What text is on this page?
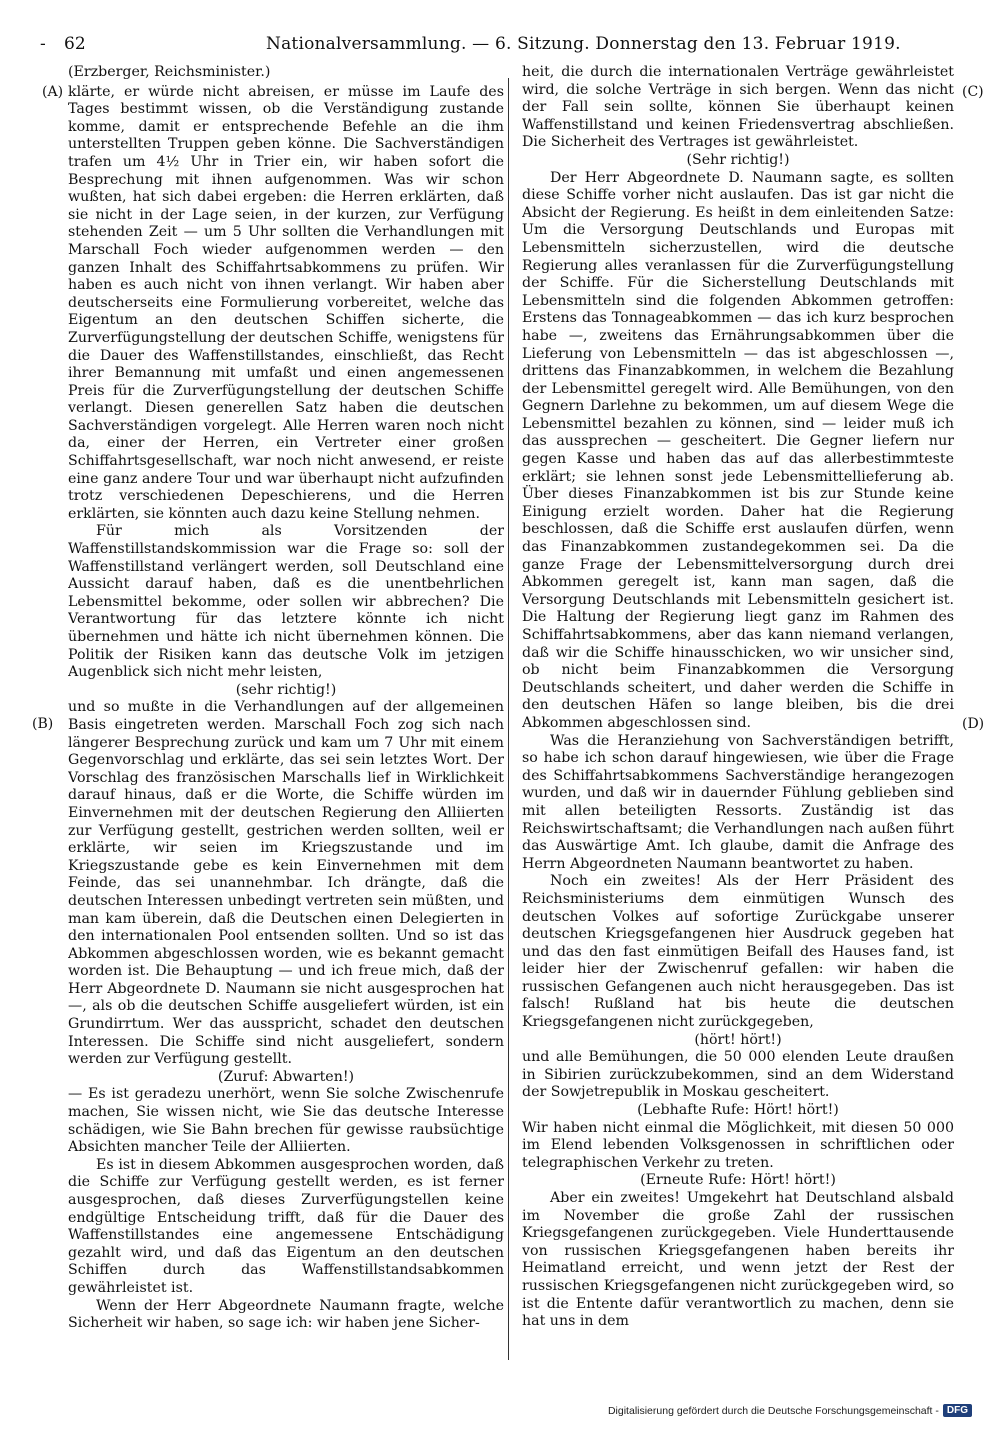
- 62	Nationalversammlung. — 6. Sitzung. Donnerstag den 13. Februar 1919.
(A)
(B)
(C)
(D)

(Erzberger, Reichsminister.)

klärte, er würde nicht abreisen, er müsse im Laufe des Tages bestimmt wissen, ob die Verständigung zustande komme, damit er entsprechende Befehle an die ihm unterstellten Truppen geben könne. Die Sachverständigen trafen um 4½ Uhr in Trier ein, wir haben sofort die Besprechung mit ihnen aufgenommen. Was wir schon wußten, hat sich dabei ergeben: die Herren erklärten, daß sie nicht in der Lage seien, in der kurzen, zur Verfügung stehenden Zeit — um 5 Uhr sollten die Verhandlungen mit Marschall Foch wieder aufgenommen werden — den ganzen Inhalt des Schiffahrtsabkommens zu prüfen. Wir haben es auch nicht von ihnen verlangt. Wir haben aber deutscherseits eine Formulierung vorbereitet, welche das Eigentum an den deutschen Schiffen sicherte, die Zurverfügungstellung der deutschen Schiffe, wenigstens für die Dauer des Waffenstillstandes, einschließt, das Recht ihrer Bemannung mit umfaßt und einen angemessenen Preis für die Zurverfügungstellung der deutschen Schiffe verlangt. Diesen generellen Satz haben die deutschen Sachverständigen vorgelegt. Alle Herren waren noch nicht da, einer der Herren, ein Vertreter einer großen Schiffahrtsgesellschaft, war noch nicht anwesend, er reiste eine ganz andere Tour und war überhaupt nicht aufzufinden trotz verschiedenen Depeschierens, und die Herren erklärten, sie könnten auch dazu keine Stellung nehmen.

Für mich als Vorsitzenden der Waffenstillstandskommission war die Frage so: soll der Waffenstillstand verlängert werden, soll Deutschland eine Aussicht darauf haben, daß es die unentbehrlichen Lebensmittel bekomme, oder sollen wir abbrechen? Die Verantwortung für das letztere könnte ich nicht übernehmen und hätte ich nicht übernehmen können. Die Politik der Risiken kann das deutsche Volk im jetzigen Augenblick sich nicht mehr leisten,

(sehr richtig!)

und so mußte in die Verhandlungen auf der allgemeinen Basis eingetreten werden. Marschall Foch zog sich nach längerer Besprechung zurück und kam um 7 Uhr mit einem Gegenvorschlag und erklärte, das sei sein letztes Wort. Der Vorschlag des französischen Marschalls lief in Wirklichkeit darauf hinaus, daß er die Worte, die Schiffe würden im Einvernehmen mit der deutschen Regierung den Alliierten zur Verfügung gestellt, gestrichen werden sollten, weil er erklärte, wir seien im Kriegszustande und im Kriegszustande gebe es kein Einvernehmen mit dem Feinde, das sei unannehmbar. Ich drängte, daß die deutschen Interessen unbedingt vertreten sein müßten, und man kam überein, daß die Deutschen einen Delegierten in den internationalen Pool entsenden sollten. Und so ist das Abkommen abgeschlossen worden, wie es bekannt gemacht worden ist. Die Behauptung — und ich freue mich, daß der Herr Abgeordnete D. Naumann sie nicht ausgesprochen hat —, als ob die deutschen Schiffe ausgeliefert würden, ist ein Grundirrtum. Wer das ausspricht, schadet den deutschen Interessen. Die Schiffe sind nicht ausgeliefert, sondern werden zur Verfügung gestellt.

(Zuruf: Abwarten!)

— Es ist geradezu unerhört, wenn Sie solche Zwischenrufe machen, Sie wissen nicht, wie Sie das deutsche Interesse schädigen, wie Sie Bahn brechen für gewisse raubsüchtige Absichten mancher Teile der Alliierten.

Es ist in diesem Abkommen ausgesprochen worden, daß die Schiffe zur Verfügung gestellt werden, es ist ferner ausgesprochen, daß dieses Zurverfügungstellen keine endgültige Entscheidung trifft, daß für die Dauer des Waffenstillstandes eine angemessene Entschädigung gezahlt wird, und daß das Eigentum an den deutschen Schiffen durch das Waffenstillstandsabkommen gewährleistet ist.

Wenn der Herr Abgeordnete Naumann fragte, welche Sicherheit wir haben, so sage ich: wir haben jene Sicher-

heit, die durch die internationalen Verträge gewährleistet wird, die solche Verträge in sich bergen. Wenn das nicht der Fall sein sollte, können Sie überhaupt keinen Waffenstillstand und keinen Friedensvertrag abschließen. Die Sicherheit des Vertrages ist gewährleistet.

(Sehr richtig!)

Der Herr Abgeordnete D. Naumann sagte, es sollten diese Schiffe vorher nicht auslaufen. Das ist gar nicht die Absicht der Regierung. Es heißt in dem einleitenden Satze: Um die Versorgung Deutschlands und Europas mit Lebensmitteln sicherzustellen, wird die deutsche Regierung alles veranlassen für die Zurverfügungstellung der Schiffe. Für die Sicherstellung Deutschlands mit Lebensmitteln sind die folgenden Abkommen getroffen: Erstens das Tonnageabkommen — das ich kurz besprochen habe —, zweitens das Ernährungsabkommen über die Lieferung von Lebensmitteln — das ist abgeschlossen —, drittens das Finanzabkommen, in welchem die Bezahlung der Lebensmittel geregelt wird. Alle Bemühungen, von den Gegnern Darlehne zu bekommen, um auf diesem Wege die Lebensmittel bezahlen zu können, sind — leider muß ich das aussprechen — gescheitert. Die Gegner liefern nur gegen Kasse und haben das auf das allerbestimmteste erklärt; sie lehnen sonst jede Lebensmittellieferung ab. Über dieses Finanzabkommen ist bis zur Stunde keine Einigung erzielt worden. Daher hat die Regierung beschlossen, daß die Schiffe erst auslaufen dürfen, wenn das Finanzabkommen zustandegekommen sei. Da die ganze Frage der Lebensmittelversorgung durch drei Abkommen geregelt ist, kann man sagen, daß die Versorgung Deutschlands mit Lebensmitteln gesichert ist. Die Haltung der Regierung liegt ganz im Rahmen des Schiffahrtsabkommens, aber das kann niemand verlangen, daß wir die Schiffe hinausschicken, wo wir unsicher sind, ob nicht beim Finanzabkommen die Versorgung Deutschlands scheitert, und daher werden die Schiffe in den deutschen Häfen so lange bleiben, bis die drei Abkommen abgeschlossen sind.

Was die Heranziehung von Sachverständigen betrifft, so habe ich schon darauf hingewiesen, wie über die Frage des Schiffahrtsabkommens Sachverständige herangezogen wurden, und daß wir in dauernder Fühlung geblieben sind mit allen beteiligten Ressorts. Zuständig ist das Reichswirtschaftsamt; die Verhandlungen nach außen führt das Auswärtige Amt. Ich glaube, damit die Anfrage des Herrn Abgeordneten Naumann beantwortet zu haben.

Noch ein zweites! Als der Herr Präsident des Reichsministeriums dem einmütigen Wunsch des deutschen Volkes auf sofortige Zurückgabe unserer deutschen Kriegsgefangenen hier Ausdruck gegeben hat und das den fast einmütigen Beifall des Hauses fand, ist leider hier der Zwischenruf gefallen: wir haben die russischen Gefangenen auch nicht herausgegeben. Das ist falsch! Rußland hat bis heute die deutschen Kriegsgefangenen nicht zurückgegeben,

(hört! hört!)

und alle Bemühungen, die 50 000 elenden Leute draußen in Sibirien zurückzubekommen, sind an dem Widerstand der Sowjetrepublik in Moskau gescheitert.

(Lebhafte Rufe: Hört! hört!)

Wir haben nicht einmal die Möglichkeit, mit diesen 50 000 im Elend lebenden Volksgenossen in schriftlichen oder telegraphischen Verkehr zu treten.

(Erneute Rufe: Hört! hört!)

Aber ein zweites! Umgekehrt hat Deutschland alsbald im November die große Zahl der russischen Kriegsgefangenen zurückgegeben. Viele Hunderttausende von russischen Kriegsgefangenen haben bereits ihr Heimatland erreicht, und wenn jetzt der Rest der russischen Kriegsgefangenen nicht zurückgegeben wird, so ist die Entente dafür verantwortlich zu machen, denn sie hat uns in dem

Digitalisierung gefördert durch die Deutsche Forschungsgemeinschaft - DFG
